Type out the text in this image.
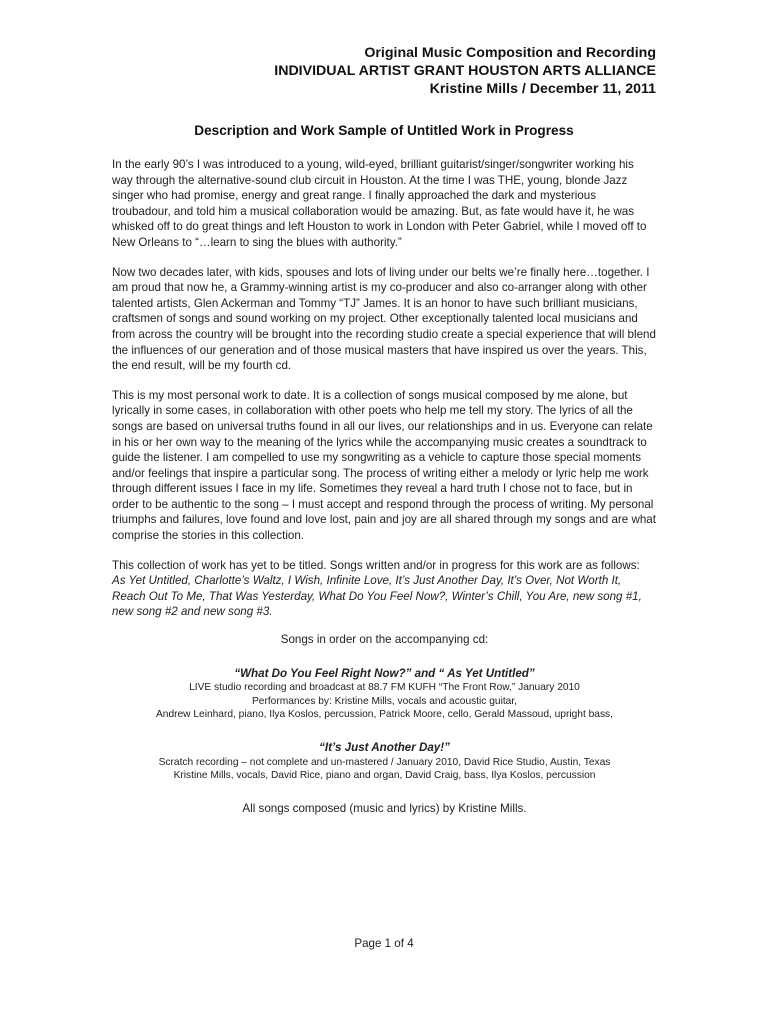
Original Music Composition and Recording
INDIVIDUAL ARTIST GRANT HOUSTON ARTS ALLIANCE
Kristine Mills / December 11, 2011
Description and Work Sample of Untitled Work in Progress

In the early 90’s I was introduced to a young, wild-eyed, brilliant guitarist/singer/songwriter working his way through the alternative-sound club circuit in Houston. At the time I was THE, young, blonde Jazz singer who had promise, energy and great range. I finally approached the dark and mysterious troubadour, and told him a musical collaboration would be amazing. But, as fate would have it, he was whisked off to do great things and left Houston to work in London with Peter Gabriel, while I moved off to New Orleans to “…learn to sing the blues with authority.”

Now two decades later, with kids, spouses and lots of living under our belts we’re finally here…together. I am proud that now he, a Grammy-winning artist is my co-producer and also co-arranger along with other talented artists, Glen Ackerman and Tommy “TJ” James. It is an honor to have such brilliant musicians, craftsmen of songs and sound working on my project. Other exceptionally talented local musicians and from across the country will be brought into the recording studio create a special experience that will blend the influences of our generation and of those musical masters that have inspired us over the years. This, the end result, will be my fourth cd.

This is my most personal work to date. It is a collection of songs musical composed by me alone, but lyrically in some cases, in collaboration with other poets who help me tell my story. The lyrics of all the songs are based on universal truths found in all our lives, our relationships and in us. Everyone can relate in his or her own way to the meaning of the lyrics while the accompanying music creates a soundtrack to guide the listener. I am compelled to use my songwriting as a vehicle to capture those special moments and/or feelings that inspire a particular song. The process of writing either a melody or lyric help me work through different issues I face in my life. Sometimes they reveal a hard truth I chose not to face, but in order to be authentic to the song – I must accept and respond through the process of writing. My personal triumphs and failures, love found and love lost, pain and joy are all shared through my songs and are what comprise the stories in this collection.

This collection of work has yet to be titled. Songs written and/or in progress for this work are as follows:
As Yet Untitled, Charlotte’s Waltz, I Wish, Infinite Love, It’s Just Another Day, It’s Over, Not Worth It, Reach Out To Me, That Was Yesterday, What Do You Feel Now?, Winter’s Chill, You Are, new song #1, new song #2 and new song #3.

Songs in order on the accompanying cd:
“What Do You Feel Right Now?” and “ As Yet Untitled”
LIVE studio recording and broadcast at 88.7 FM KUFH “The Front Row,” January 2010
Performances by: Kristine Mills, vocals and acoustic guitar,
Andrew Leinhard, piano, Ilya Koslos, percussion, Patrick Moore, cello, Gerald Massoud, upright bass,
“It’s Just Another Day!”
Scratch recording – not complete and un-mastered / January 2010, David Rice Studio, Austin, Texas
Kristine Mills, vocals, David Rice, piano and organ, David Craig, bass, Ilya Koslos, percussion
All songs composed (music and lyrics) by Kristine Mills.
Page 1 of 4
